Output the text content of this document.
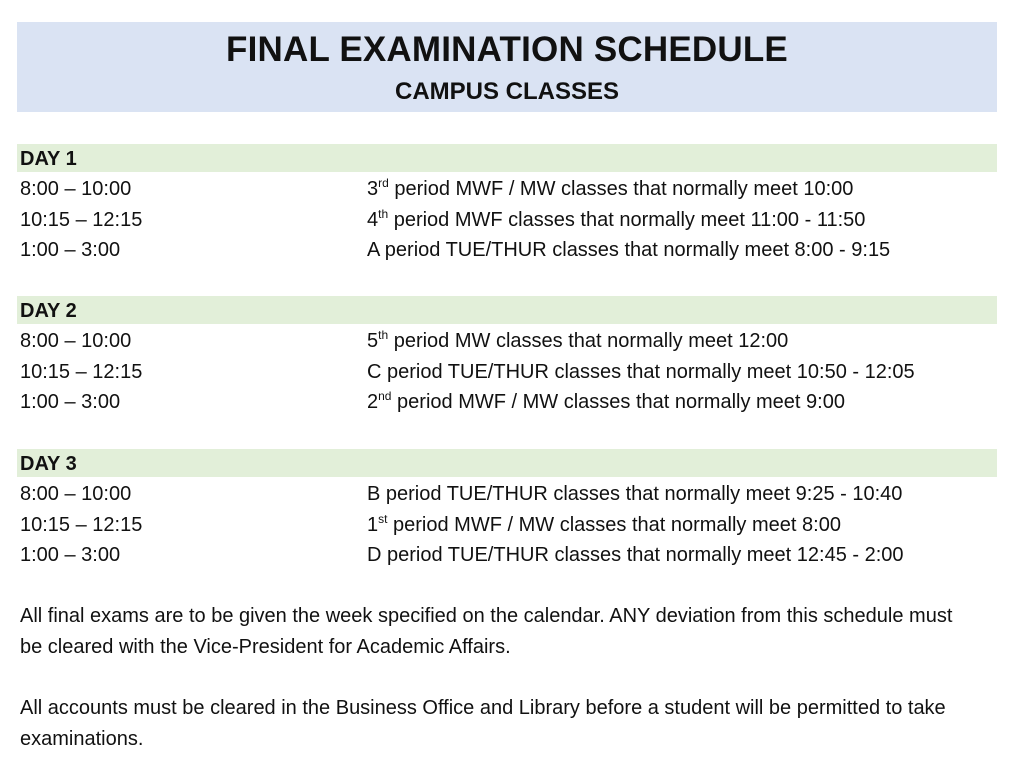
FINAL EXAMINATION SCHEDULE
CAMPUS CLASSES
DAY 1
8:00 – 10:00	3rd period MWF / MW classes that normally meet 10:00
10:15 – 12:15	4th period MWF classes that normally meet 11:00 - 11:50
1:00 – 3:00	A period TUE/THUR classes that normally meet 8:00 - 9:15
DAY 2
8:00 – 10:00	5th period MW classes that normally meet 12:00
10:15 – 12:15	C period TUE/THUR classes that normally meet 10:50 - 12:05
1:00 – 3:00	2nd period MWF / MW classes that normally meet 9:00
DAY 3
8:00 – 10:00	B period TUE/THUR classes that normally meet 9:25 - 10:40
10:15 – 12:15	1st period MWF / MW classes that normally meet 8:00
1:00 – 3:00	D period TUE/THUR classes that normally meet 12:45 - 2:00
All final exams are to be given the week specified on the calendar. ANY deviation from this schedule must be cleared with the Vice-President for Academic Affairs.
All accounts must be cleared in the Business Office and Library before a student will be permitted to take examinations.
